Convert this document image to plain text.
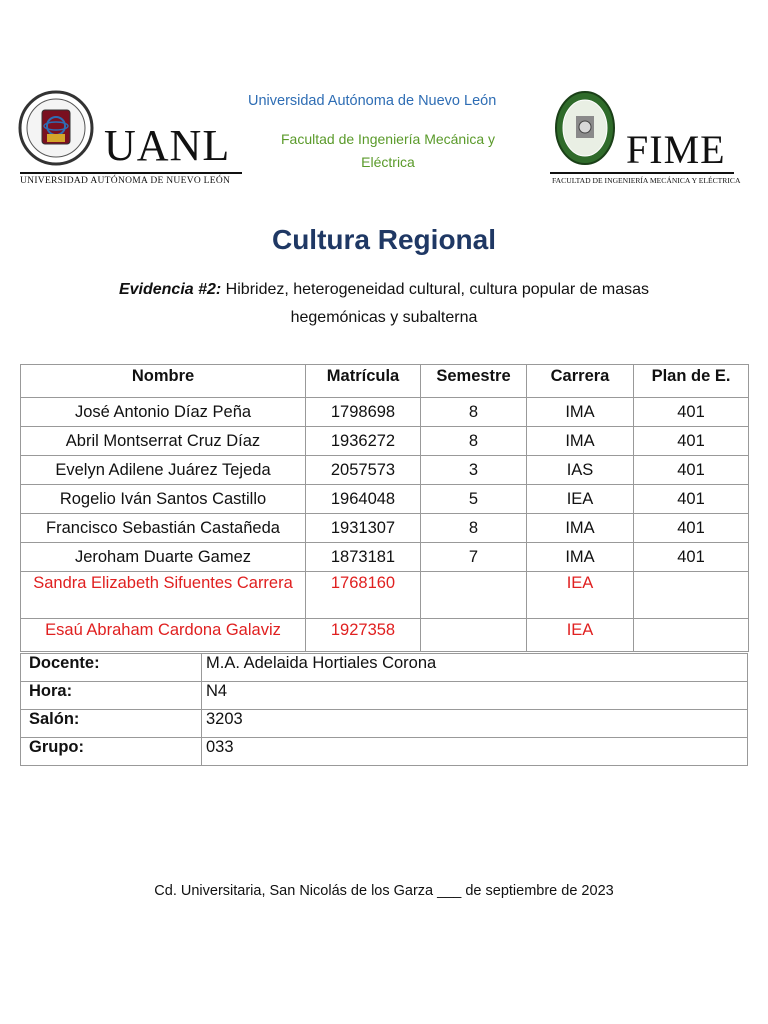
UANL
UNIVERSIDAD AUTÓNOMA DE NUEVO LEÓN
Universidad Autónoma de Nuevo León
Facultad de Ingeniería Mecánica y Eléctrica	FIME
FACULTAD DE INGENIERÍA MECÁNICA Y ELÉCTRICA
Cultura Regional
Evidencia #2: Hibridez, heterogeneidad cultural, cultura popular de masas hegemónicas y subalterna
Nombre	Matrícula	Semestre	Carrera	Plan de E.
José Antonio Díaz Peña	1798698	8	IMA	401
Abril Montserrat Cruz Díaz	1936272	8	IMA	401
Evelyn Adilene Juárez Tejeda	2057573	3	IAS	401
Rogelio Iván Santos Castillo	1964048	5	IEA	401
Francisco Sebastián Castañeda	1931307	8	IMA	401
Jeroham Duarte Gamez	1873181	7	IMA	401
Sandra Elizabeth Sifuentes Carrera	1768160		IEA	
Esaú Abraham Cardona Galaviz	1927358		IEA	
Docente:	M.A. Adelaida Hortiales Corona
Hora:	N4
Salón:	3203
Grupo:	033
Cd. Universitaria, San Nicolás de los Garza ___ de septiembre de 2023
